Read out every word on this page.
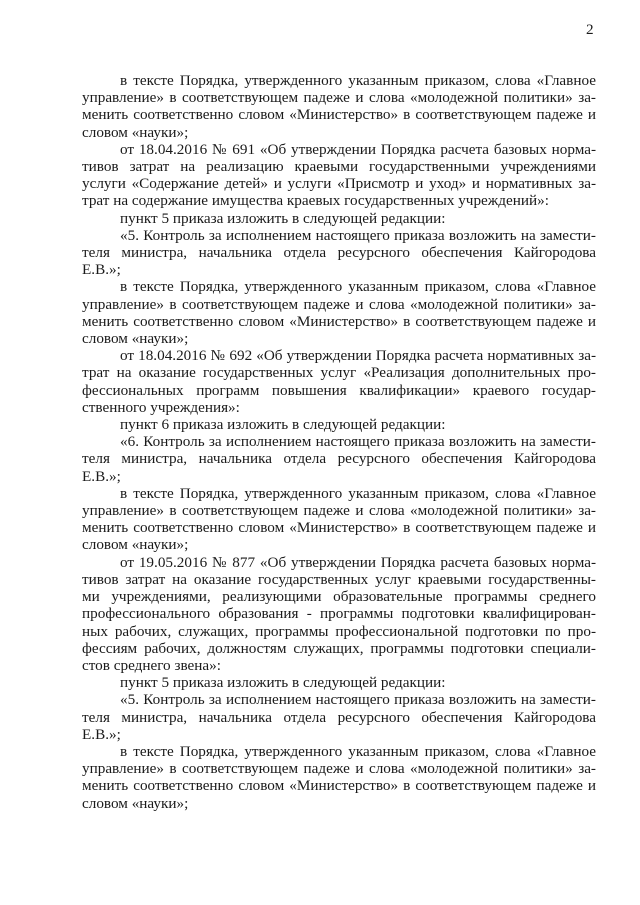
2
в тексте Порядка, утвержденного указанным приказом, слова «Главное
управление» в соответствующем падеже и слова «молодежной политики» за-
менить соответственно словом «Министерство» в соответствующем падеже и
словом «науки»;
от 18.04.2016 № 691 «Об утверждении Порядка расчета базовых норма-
тивов затрат на реализацию краевыми государственными учреждениями
услуги «Содержание детей» и услуги «Присмотр и уход» и нормативных за-
трат на содержание имущества краевых государственных учреждений»:
пункт 5 приказа изложить в следующей редакции:
«5. Контроль за исполнением настоящего приказа возложить на замести-
теля министра, начальника отдела ресурсного обеспечения Кайгородова
Е.В.»;
в тексте Порядка, утвержденного указанным приказом, слова «Главное
управление» в соответствующем падеже и слова «молодежной политики» за-
менить соответственно словом «Министерство» в соответствующем падеже и
словом «науки»;
от 18.04.2016 № 692 «Об утверждении Порядка расчета нормативных за-
трат на оказание государственных услуг «Реализация дополнительных про-
фессиональных программ повышения квалификации» краевого государ-
ственного учреждения»:
пункт 6 приказа изложить в следующей редакции:
«6. Контроль за исполнением настоящего приказа возложить на замести-
теля министра, начальника отдела ресурсного обеспечения Кайгородова
Е.В.»;
в тексте Порядка, утвержденного указанным приказом, слова «Главное
управление» в соответствующем падеже и слова «молодежной политики» за-
менить соответственно словом «Министерство» в соответствующем падеже и
словом «науки»;
от 19.05.2016 № 877 «Об утверждении Порядка расчета базовых норма-
тивов затрат на оказание государственных услуг краевыми государственны-
ми учреждениями, реализующими образовательные программы среднего
профессионального образования - программы подготовки квалифицирован-
ных рабочих, служащих, программы профессиональной подготовки по про-
фессиям рабочих, должностям служащих, программы подготовки специали-
стов среднего звена»:
пункт 5 приказа изложить в следующей редакции:
«5. Контроль за исполнением настоящего приказа возложить на замести-
теля министра, начальника отдела ресурсного обеспечения Кайгородова
Е.В.»;
в тексте Порядка, утвержденного указанным приказом, слова «Главное
управление» в соответствующем падеже и слова «молодежной политики» за-
менить соответственно словом «Министерство» в соответствующем падеже и
словом «науки»;
